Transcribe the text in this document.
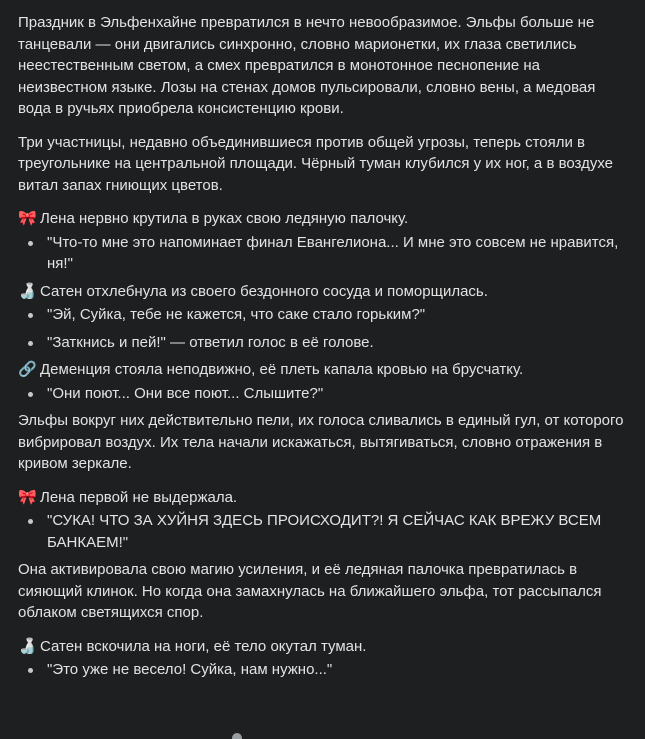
Праздник в Эльфенхайне превратился в нечто невообразимое. Эльфы больше не танцевали — они двигались синхронно, словно марионетки, их глаза светились неестественным светом, а смех превратился в монотонное песнопение на неизвестном языке. Лозы на стенах домов пульсировали, словно вены, а медовая вода в ручьях приобрела консистенцию крови.

Три участницы, недавно объединившиеся против общей угрозы, теперь стояли в треугольнике на центральной площади. Чёрный туман клубился у их ног, а в воздухе витал запах гниющих цветов.

🎀 Лена нервно крутила в руках свою ледяную палочку.

"Что-то мне это напоминает финал Евангелиона... И мне это совсем не нравится, ня!"

🍶 Сатен отхлебнула из своего бездонного сосуда и поморщилась.

"Эй, Суйка, тебе не кажется, что саке стало горьким?"
"Заткнись и пей!" — ответил голос в её голове.

🔗 Деменция стояла неподвижно, её плеть капала кровью на брусчатку.

"Они поют... Они все поют... Слышите?"

Эльфы вокруг них действительно пели, их голоса сливались в единый гул, от которого вибрировал воздух. Их тела начали искажаться, вытягиваться, словно отражения в кривом зеркале.

🎀 Лена первой не выдержала.

"СУКА! ЧТО ЗА ХУЙНЯ ЗДЕСЬ ПРОИСХОДИТ?! Я СЕЙЧАС КАК ВРЕЖУ ВСЕМ БАНКАЕМ!"

Она активировала свою магию усиления, и её ледяная палочка превратилась в сияющий клинок. Но когда она замахнулась на ближайшего эльфа, тот рассыпался облаком светящихся спор.

🍶 Сатен вскочила на ноги, её тело окутал туман.

"Это уже не весело! Суйка, нам нужно..."
